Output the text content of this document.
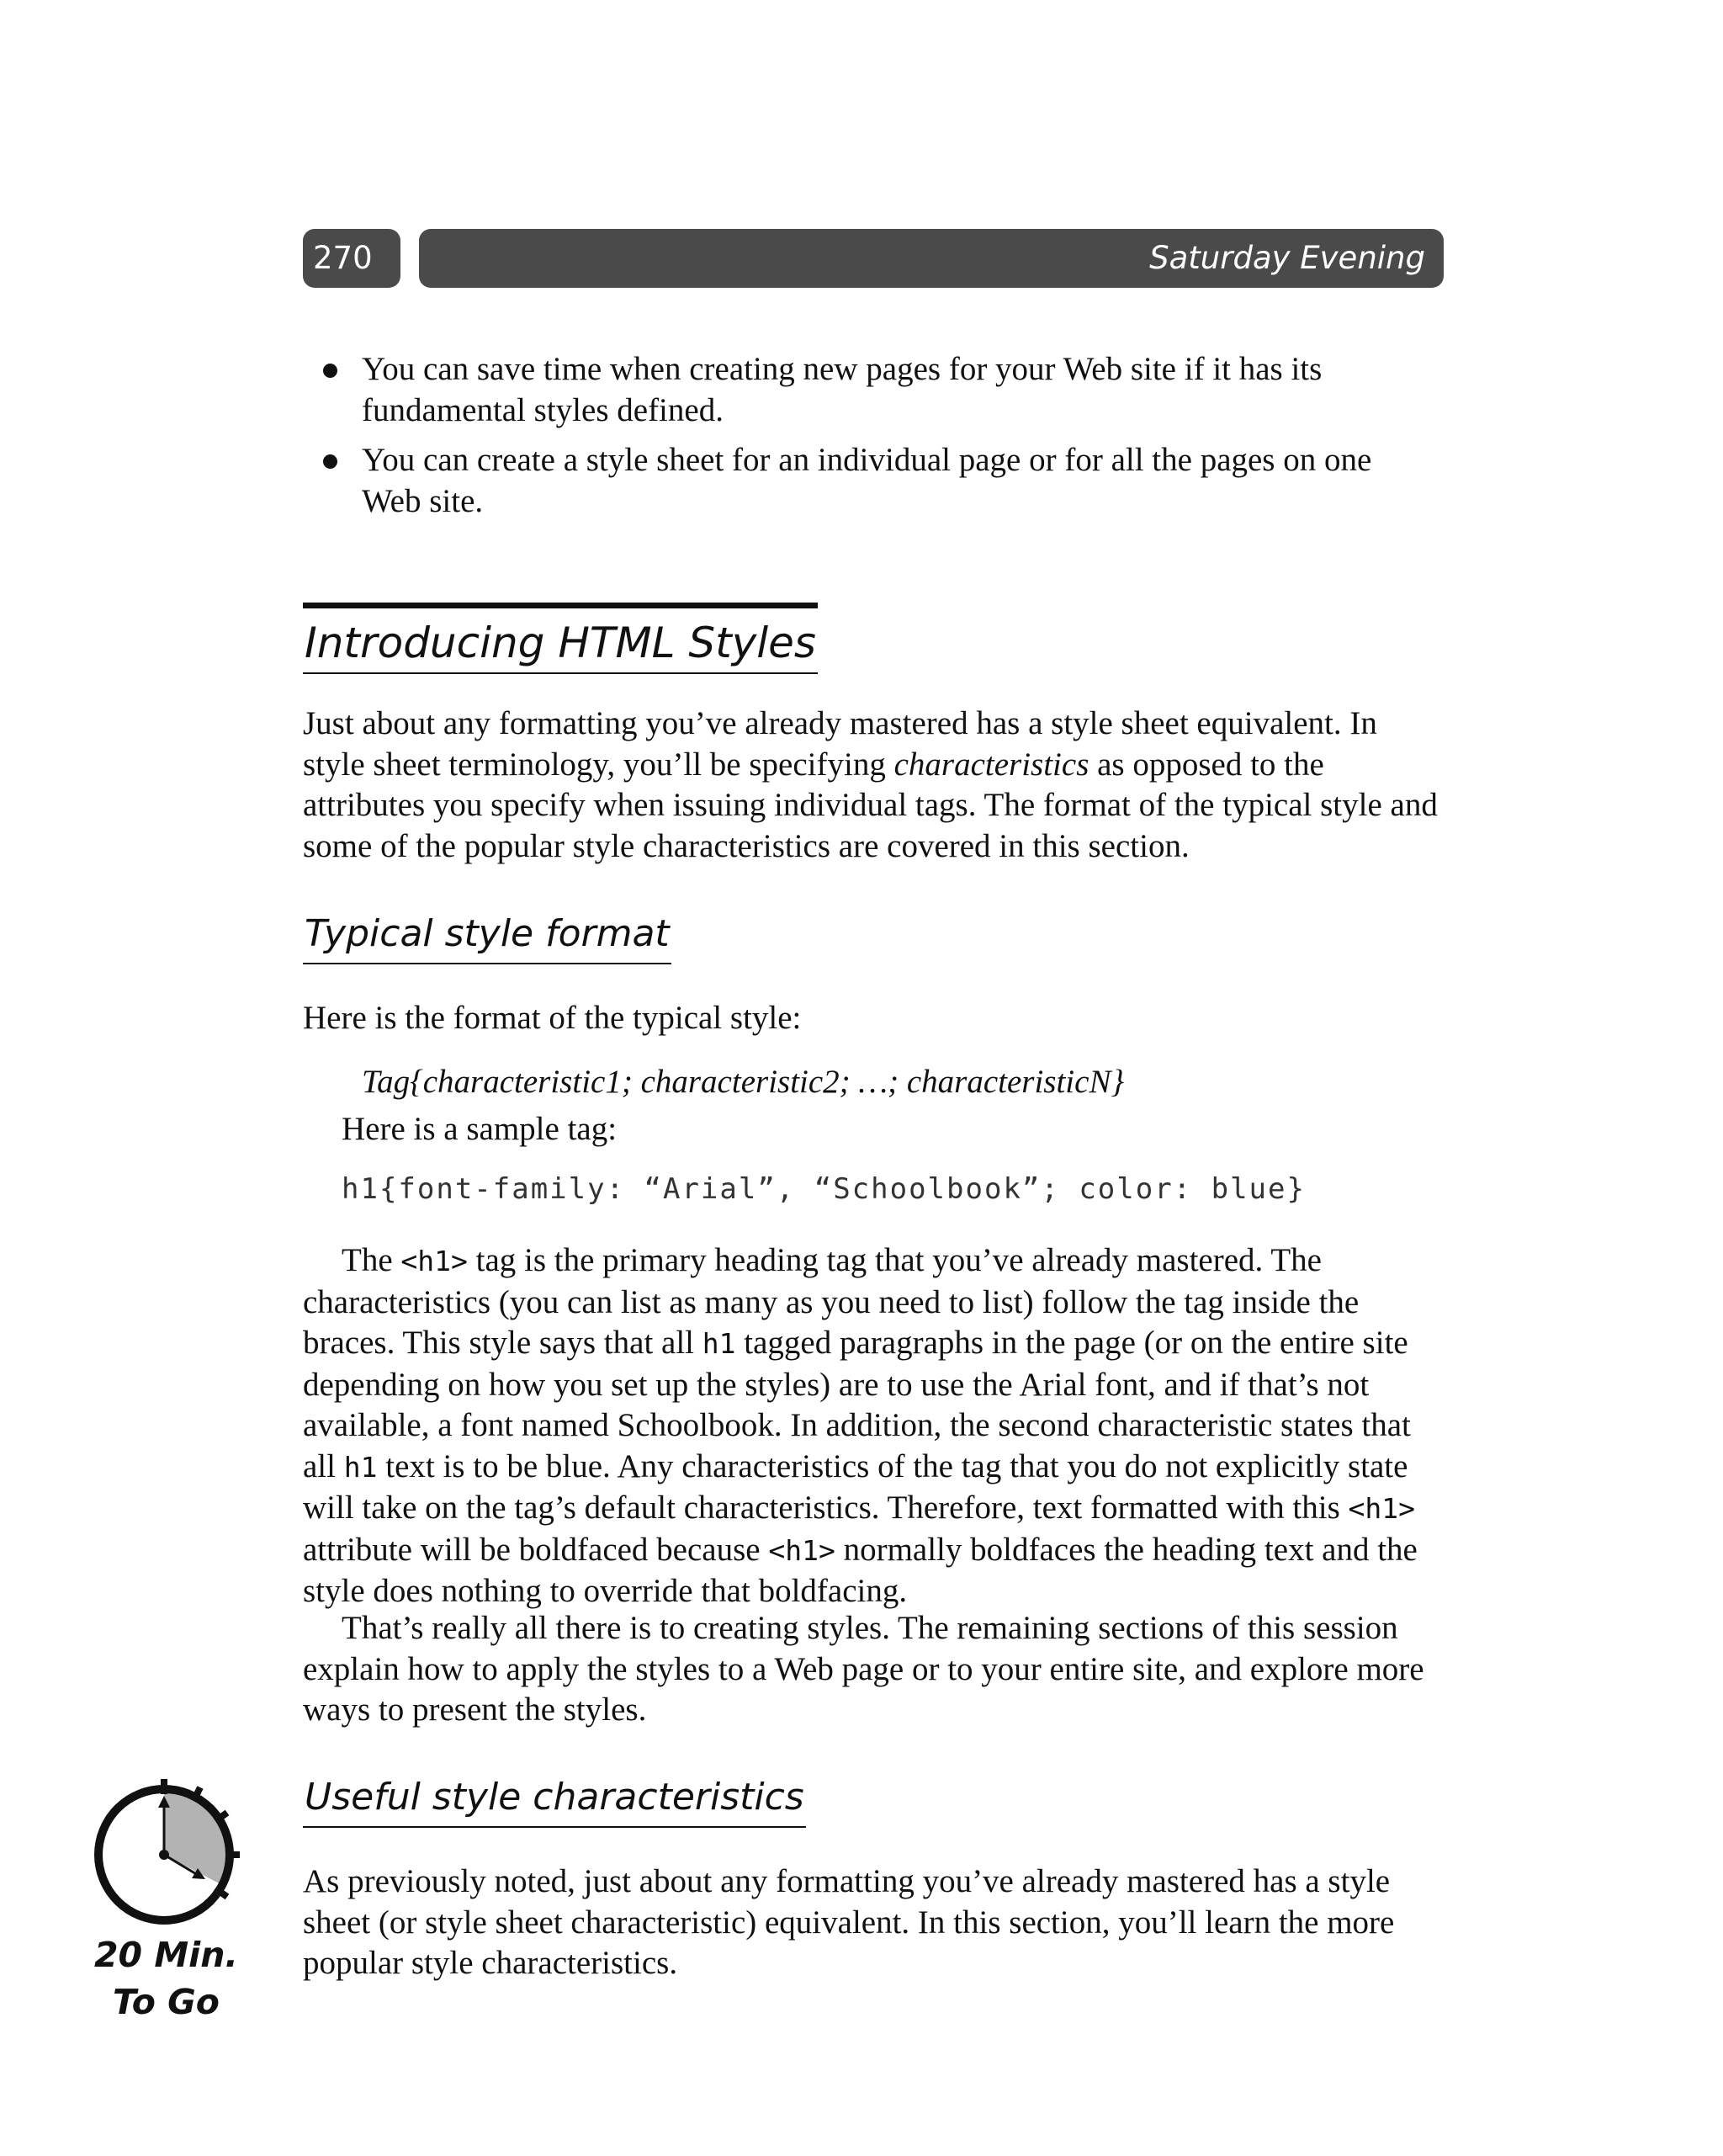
270	Saturday Evening
You can save time when creating new pages for your Web site if it has its fundamental styles defined.
You can create a style sheet for an individual page or for all the pages on one Web site.
Introducing HTML Styles
Just about any formatting you’ve already mastered has a style sheet equivalent. In style sheet terminology, you’ll be specifying characteristics as opposed to the attributes you specify when issuing individual tags. The format of the typical style and some of the popular style characteristics are covered in this section.
Typical style format
Here is the format of the typical style:
Tag{characteristic1; characteristic2; …; characteristicN}
Here is a sample tag:
h1{font-family: “Arial”, “Schoolbook”; color: blue}
The <h1> tag is the primary heading tag that you’ve already mastered. The characteristics (you can list as many as you need to list) follow the tag inside the braces. This style says that all h1 tagged paragraphs in the page (or on the entire site depending on how you set up the styles) are to use the Arial font, and if that’s not available, a font named Schoolbook. In addition, the second characteristic states that all h1 text is to be blue. Any characteristics of the tag that you do not explicitly state will take on the tag’s default characteristics. Therefore, text formatted with this <h1> attribute will be boldfaced because <h1> normally boldfaces the heading text and the style does nothing to override that boldfacing.
That’s really all there is to creating styles. The remaining sections of this session explain how to apply the styles to a Web page or to your entire site, and explore more ways to present the styles.
Useful style characteristics
As previously noted, just about any formatting you’ve already mastered has a style sheet (or style sheet characteristic) equivalent. In this section, you’ll learn the more popular style characteristics.
20 Min.
To Go
